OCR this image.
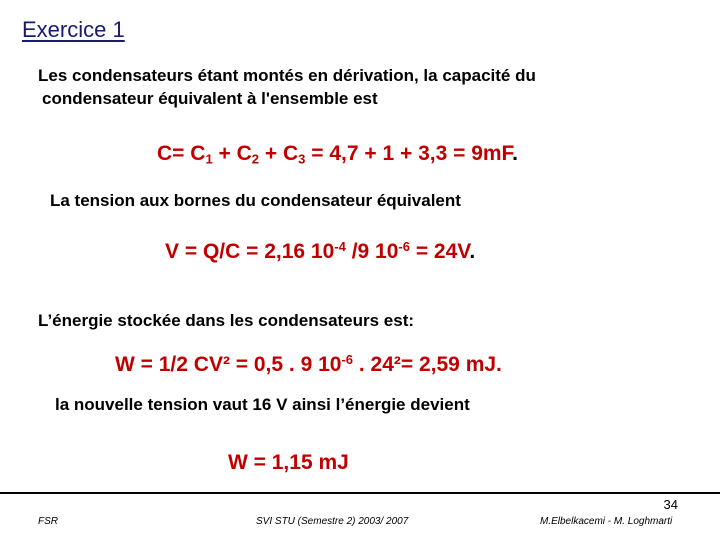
Exercice 1
Les condensateurs étant montés en dérivation, la capacité du
condensateur équivalent à l'ensemble est
$C= C_1 + C_2 + C_3 = 4,7 + 1 + 3,3 = 9mF$.
La tension aux bornes du condensateur équivalent
V = Q/C = 2,16 $10^{-4}$ /9 $10^{-6} = 24V$.
L’énergie stockée dans les condensateurs est:
W = 1/2 CV² = 0,5 . 9 $10^{-6}$ . 24²= 2,59 mJ.
la nouvelle tension vaut 16 V ainsi l’énergie devient
W = 1,15 mJ
34
FSR	SVI STU (Semestre 2) 2003/ 2007	M.Elbelkacemi - M. Loghmarti
